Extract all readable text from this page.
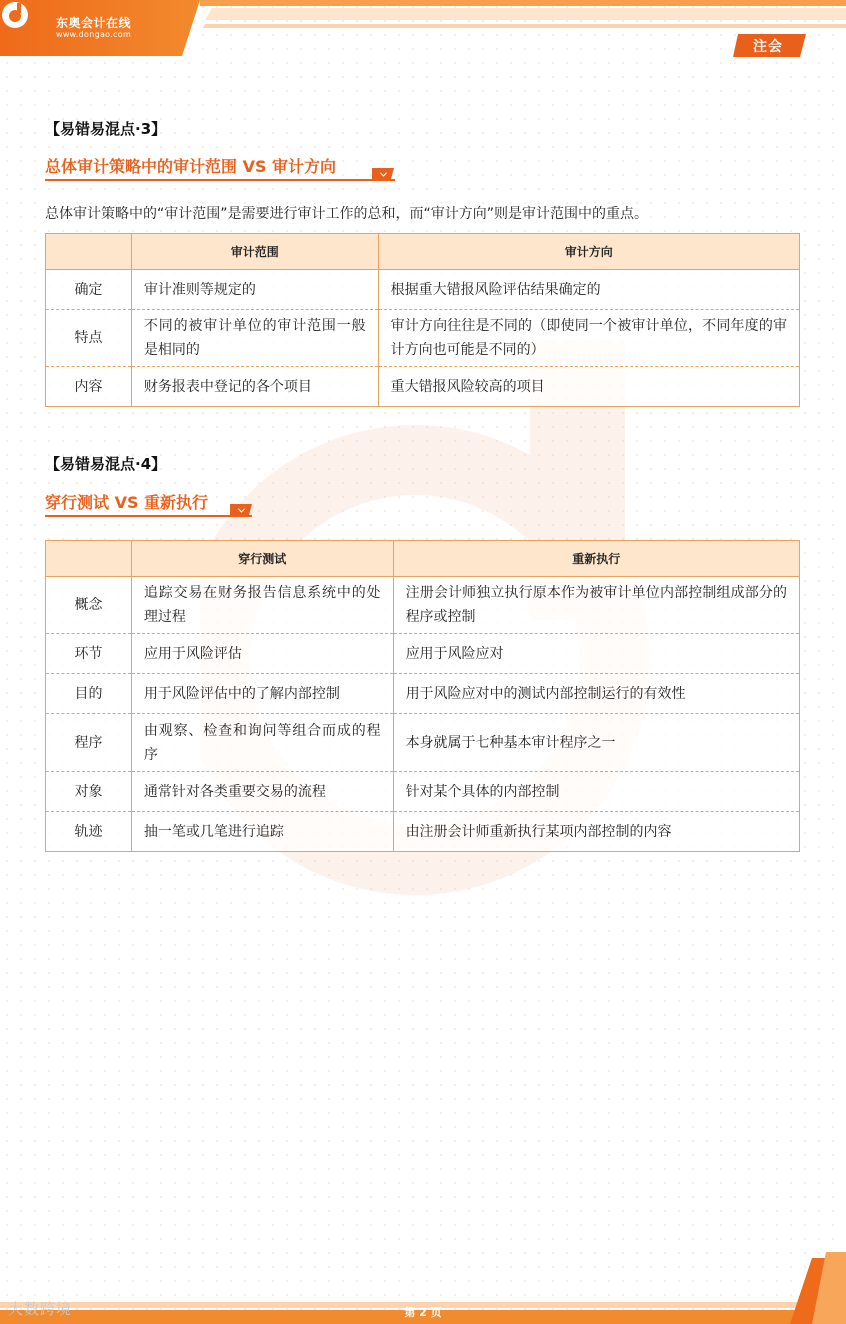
东奥会计在线
www.dongao.com
注会
【易错易混点·3】
总体审计策略中的审计范围 VS 审计方向
总体审计策略中的“审计范围”是需要进行审计工作的总和，而“审计方向”则是审计范围中的重点。
	审计范围	审计方向
确定	审计准则等规定的	根据重大错报风险评估结果确定的
特点	不同的被审计单位的审计范围一般是相同的	审计方向往往是不同的（即使同一个被审计单位，不同年度的审计方向也可能是不同的）
内容	财务报表中登记的各个项目	重大错报风险较高的项目
【易错易混点·4】
穿行测试 VS 重新执行
	穿行测试	重新执行
概念	追踪交易在财务报告信息系统中的处理过程	注册会计师独立执行原本作为被审计单位内部控制组成部分的程序或控制
环节	应用于风险评估	应用于风险应对
目的	用于风险评估中的了解内部控制	用于风险应对中的测试内部控制运行的有效性
程序	由观察、检查和询问等组合而成的程序	本身就属于七种基本审计程序之一
对象	通常针对各类重要交易的流程	针对某个具体的内部控制
轨迹	抽一笔或几笔进行追踪	由注册会计师重新执行某项内部控制的内容
大数跨境	第 2 页
